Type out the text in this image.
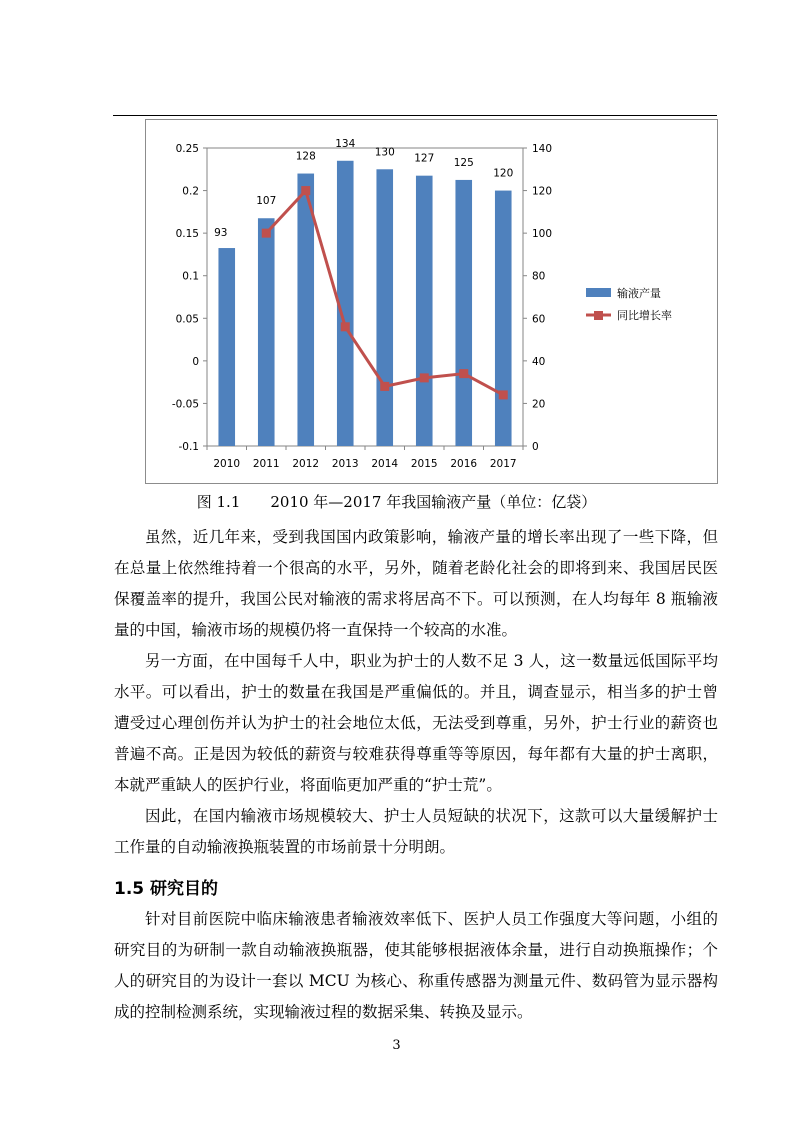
-0.1
-0.05
0
0.05
0.1
0.15
0.2
0.25
0
20
40
60
80
100
120
140
2010 2011 2012 2013 2014 2015 2016 2017
93
107
128
134
130
127 125
120
输液产量
同比增长率
图 1.1　　2010 年—2017 年我国输液产量（单位：亿袋）
虽然，近几年来，受到我国国内政策影响，输液产量的增长率出现了一些下降，但在总量上依然维持着一个很高的水平，另外，随着老龄化社会的即将到来、我国居民医保覆盖率的提升，我国公民对输液的需求将居高不下。可以预测，在人均每年 8 瓶输液量的中国，输液市场的规模仍将一直保持一个较高的水准。
另一方面，在中国每千人中，职业为护士的人数不足 3 人，这一数量远低国际平均水平。可以看出，护士的数量在我国是严重偏低的。并且，调查显示，相当多的护士曾遭受过心理创伤并认为护士的社会地位太低，无法受到尊重，另外，护士行业的薪资也普遍不高。正是因为较低的薪资与较难获得尊重等等原因，每年都有大量的护士离职，本就严重缺人的医护行业，将面临更加严重的“护士荒”。
因此，在国内输液市场规模较大、护士人员短缺的状况下，这款可以大量缓解护士工作量的自动输液换瓶装置的市场前景十分明朗。
1.5 研究目的
针对目前医院中临床输液患者输液效率低下、医护人员工作强度大等问题，小组的研究目的为研制一款自动输液换瓶器，使其能够根据液体余量，进行自动换瓶操作；个人的研究目的为设计一套以 MCU 为核心、称重传感器为测量元件、数码管为显示器构成的控制检测系统，实现输液过程的数据采集、转换及显示。
3
